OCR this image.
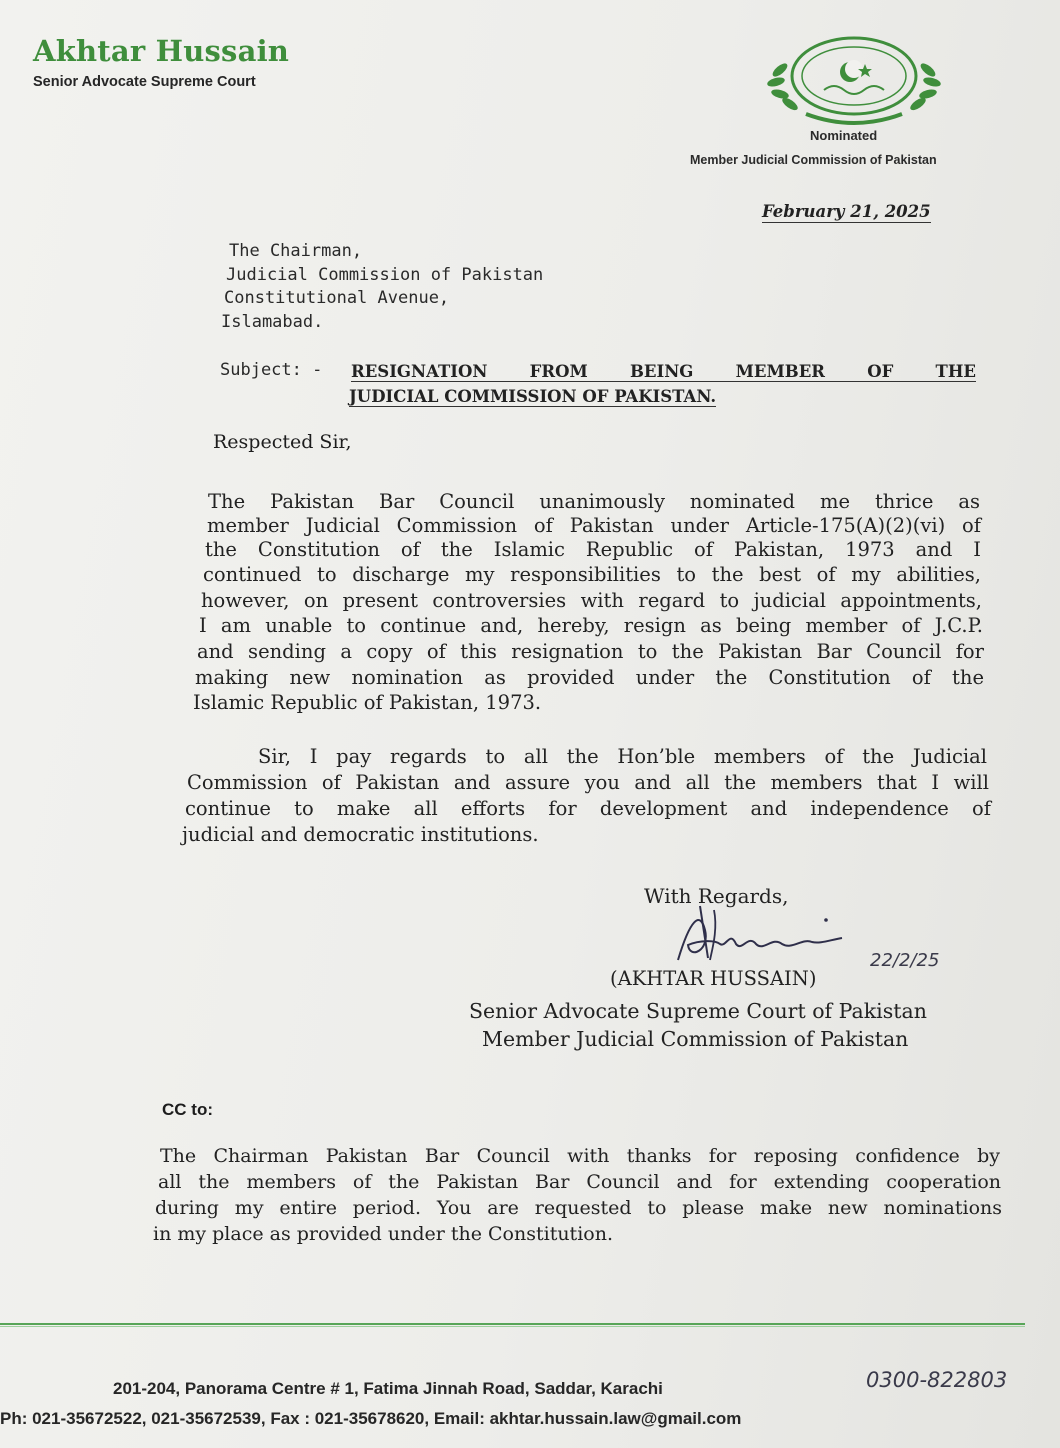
Akhtar Hussain
Senior Advocate Supreme Court
Nominated
Member Judicial Commission of Pakistan
February 21, 2025
The Chairman,
Judicial Commission of Pakistan
Constitutional Avenue,
Islamabad.
Subject: - RESIGNATION FROM BEING MEMBER OF THE
JUDICIAL COMMISSION OF PAKISTAN.
Respected Sir,
The Pakistan Bar Council unanimously nominated me thrice as
member Judicial Commission of Pakistan under Article-175(A)(2)(vi) of
the Constitution of the Islamic Republic of Pakistan, 1973 and I
continued to discharge my responsibilities to the best of my abilities,
however, on present controversies with regard to judicial appointments,
I am unable to continue and, hereby, resign as being member of J.C.P.
and sending a copy of this resignation to the Pakistan Bar Council for
making new nomination as provided under the Constitution of the
Islamic Republic of Pakistan, 1973.
Sir, I pay regards to all the Hon’ble members of the Judicial
Commission of Pakistan and assure you and all the members that I will
continue to make all efforts for development and independence of
judicial and democratic institutions.
With Regards,
22/2/25
(AKHTAR HUSSAIN)
Senior Advocate Supreme Court of Pakistan
Member Judicial Commission of Pakistan
CC to:
The Chairman Pakistan Bar Council with thanks for reposing confidence by
all the members of the Pakistan Bar Council and for extending cooperation
during my entire period. You are requested to please make new nominations
in my place as provided under the Constitution.
201-204, Panorama Centre # 1, Fatima Jinnah Road, Saddar, Karachi	0300-822803
Ph: 021-35672522, 021-35672539, Fax : 021-35678620, Email: akhtar.hussain.law@gmail.com
